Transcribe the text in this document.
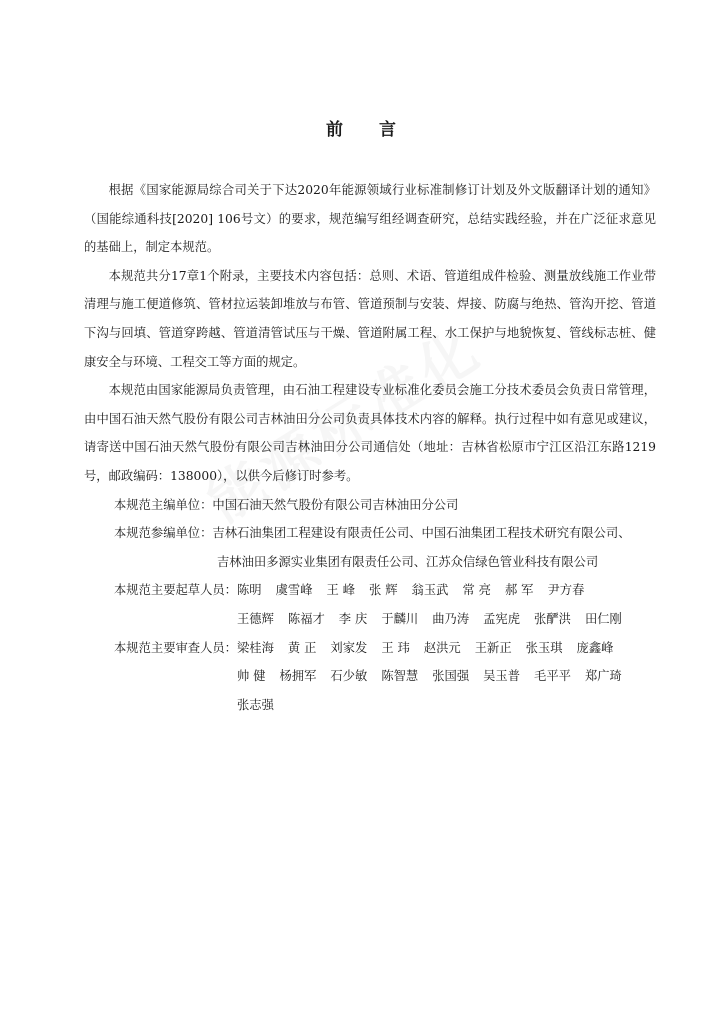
前 言

根据《国家能源局综合司关于下达2020年能源领域行业标准制修订计划及外文版翻译计划的通知》（国能综通科技[2020] 106号文）的要求，规范编写组经调查研究，总结实践经验，并在广泛征求意见的基础上，制定本规范。

本规范共分17章1个附录，主要技术内容包括：总则、术语、管道组成件检验、测量放线施工作业带清理与施工便道修筑、管材拉运装卸堆放与布管、管道预制与安装、焊接、防腐与绝热、管沟开挖、管道下沟与回填、管道穿跨越、管道清管试压与干燥、管道附属工程、水工保护与地貌恢复、管线标志桩、健康安全与环境、工程交工等方面的规定。

本规范由国家能源局负责管理，由石油工程建设专业标准化委员会施工分技术委员会负责日常管理，由中国石油天然气股份有限公司吉林油田分公司负责具体技术内容的解释。执行过程中如有意见或建议，请寄送中国石油天然气股份有限公司吉林油田分公司通信处（地址：吉林省松原市宁江区沿江东路1219号，邮政编码：138000），以供今后修订时参考。

本规范主编单位： 中国石油天然气股份有限公司吉林油田分公司
本规范参编单位： 吉林石油集团工程建设有限责任公司、中国石油集团工程技术研究有限公司、
吉林油田多源实业集团有限责任公司、江苏众信绿色管业科技有限公司
本规范主要起草人员： 陈明 虞雪峰 王 峰 张 辉 翁玉武 常 亮 郝 军 尹方春
王德辉 陈福才 李 庆 于麟川 曲乃涛 孟宪虎 张酽洪 田仁刚
本规范主要审查人员： 梁桂海 黄 正 刘家发 王 玮 赵洪元 王新正 张玉琪 庞鑫峰
帅 健 杨拥军 石少敏 陈智慧 张国强 吴玉普 毛平平 郑广琦
张志强
